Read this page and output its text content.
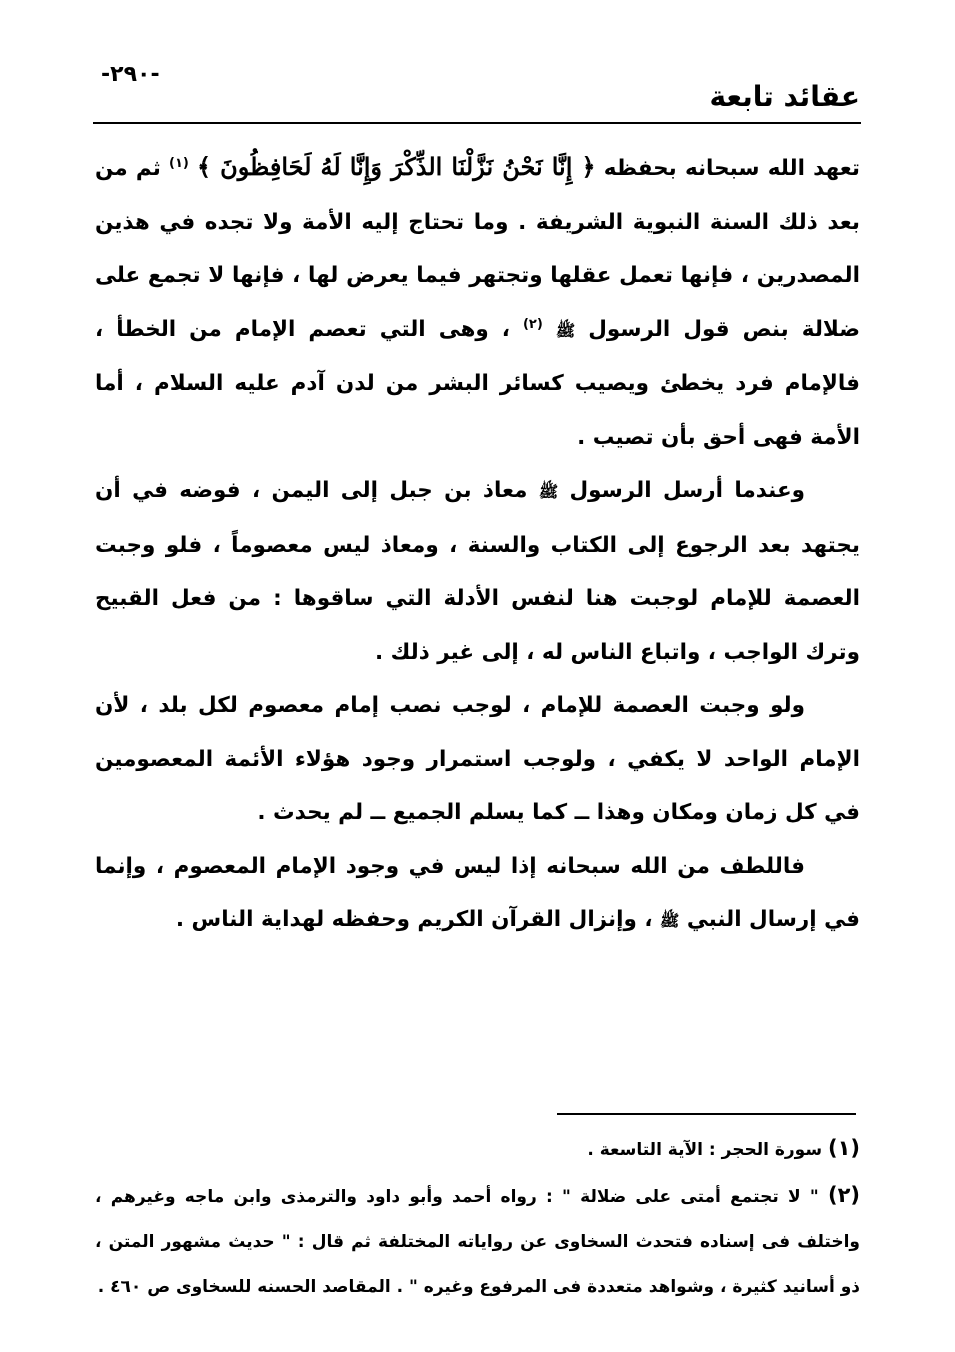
-٢٩٠-
عقائد تابعة

تعهد الله سبحانه بحفظه ﴿ إِنَّا نَحْنُ نَزَّلْنَا الذِّكْرَ وَإِنَّا لَهُ لَحَافِظُونَ ﴾ $^{(١)}$ ثم من بعد ذلك السنة النبوية الشريفة . وما تحتاج إليه الأمة ولا تجده في هذين المصدرين ، فإنها تعمل عقلها وتجتهر فيما يعرض لها ، فإنها لا تجمع على ضلالة بنص قول الرسول ﷺ $^{(٢)}$ ، وهى التي تعصم الإمام من الخطأ ، فالإمام فرد يخطئ ويصيب كسائر البشر من لدن آدم عليه السلام ، أما الأمة فهى أحق بأن تصيب .

وعندما أرسل الرسول ﷺ معاذ بن جبل إلى اليمن ، فوضه في أن يجتهد بعد الرجوع إلى الكتاب والسنة ، ومعاذ ليس معصوماً ، فلو وجبت العصمة للإمام لوجبت هنا لنفس الأدلة التي ساقوها : من فعل القبيح وترك الواجب ، واتباع الناس له ، إلى غير ذلك .

ولو وجبت العصمة للإمام ، لوجب نصب إمام معصوم لكل بلد ، لأن الإمام الواحد لا يكفي ، ولوجب استمرار وجود هؤلاء الأئمة المعصومين في كل زمان ومكان وهذا ــ كما يسلم الجميع ــ لم يحدث .

فاللطف من الله سبحانه إذا ليس في وجود الإمام المعصوم ، وإنما في إرسال النبي ﷺ ، وإنزال القرآن الكريم وحفظه لهداية الناس .

(١) سورة الحجر : الآية التاسعة .

(٢) " لا تجتمع أمتى على ضلالة " : رواه أحمد وأبو داود والترمذى وابن ماجه وغيرهم ، واختلف فى إسناده فتحدث السخاوى عن رواياته المختلفة ثم قال : " حديث مشهور المتن ، ذو أسانيد كثيرة ، وشواهد متعددة فى المرفوع وغيره " . المقاصد الحسنه للسخاوى ص ٤٦٠ .
